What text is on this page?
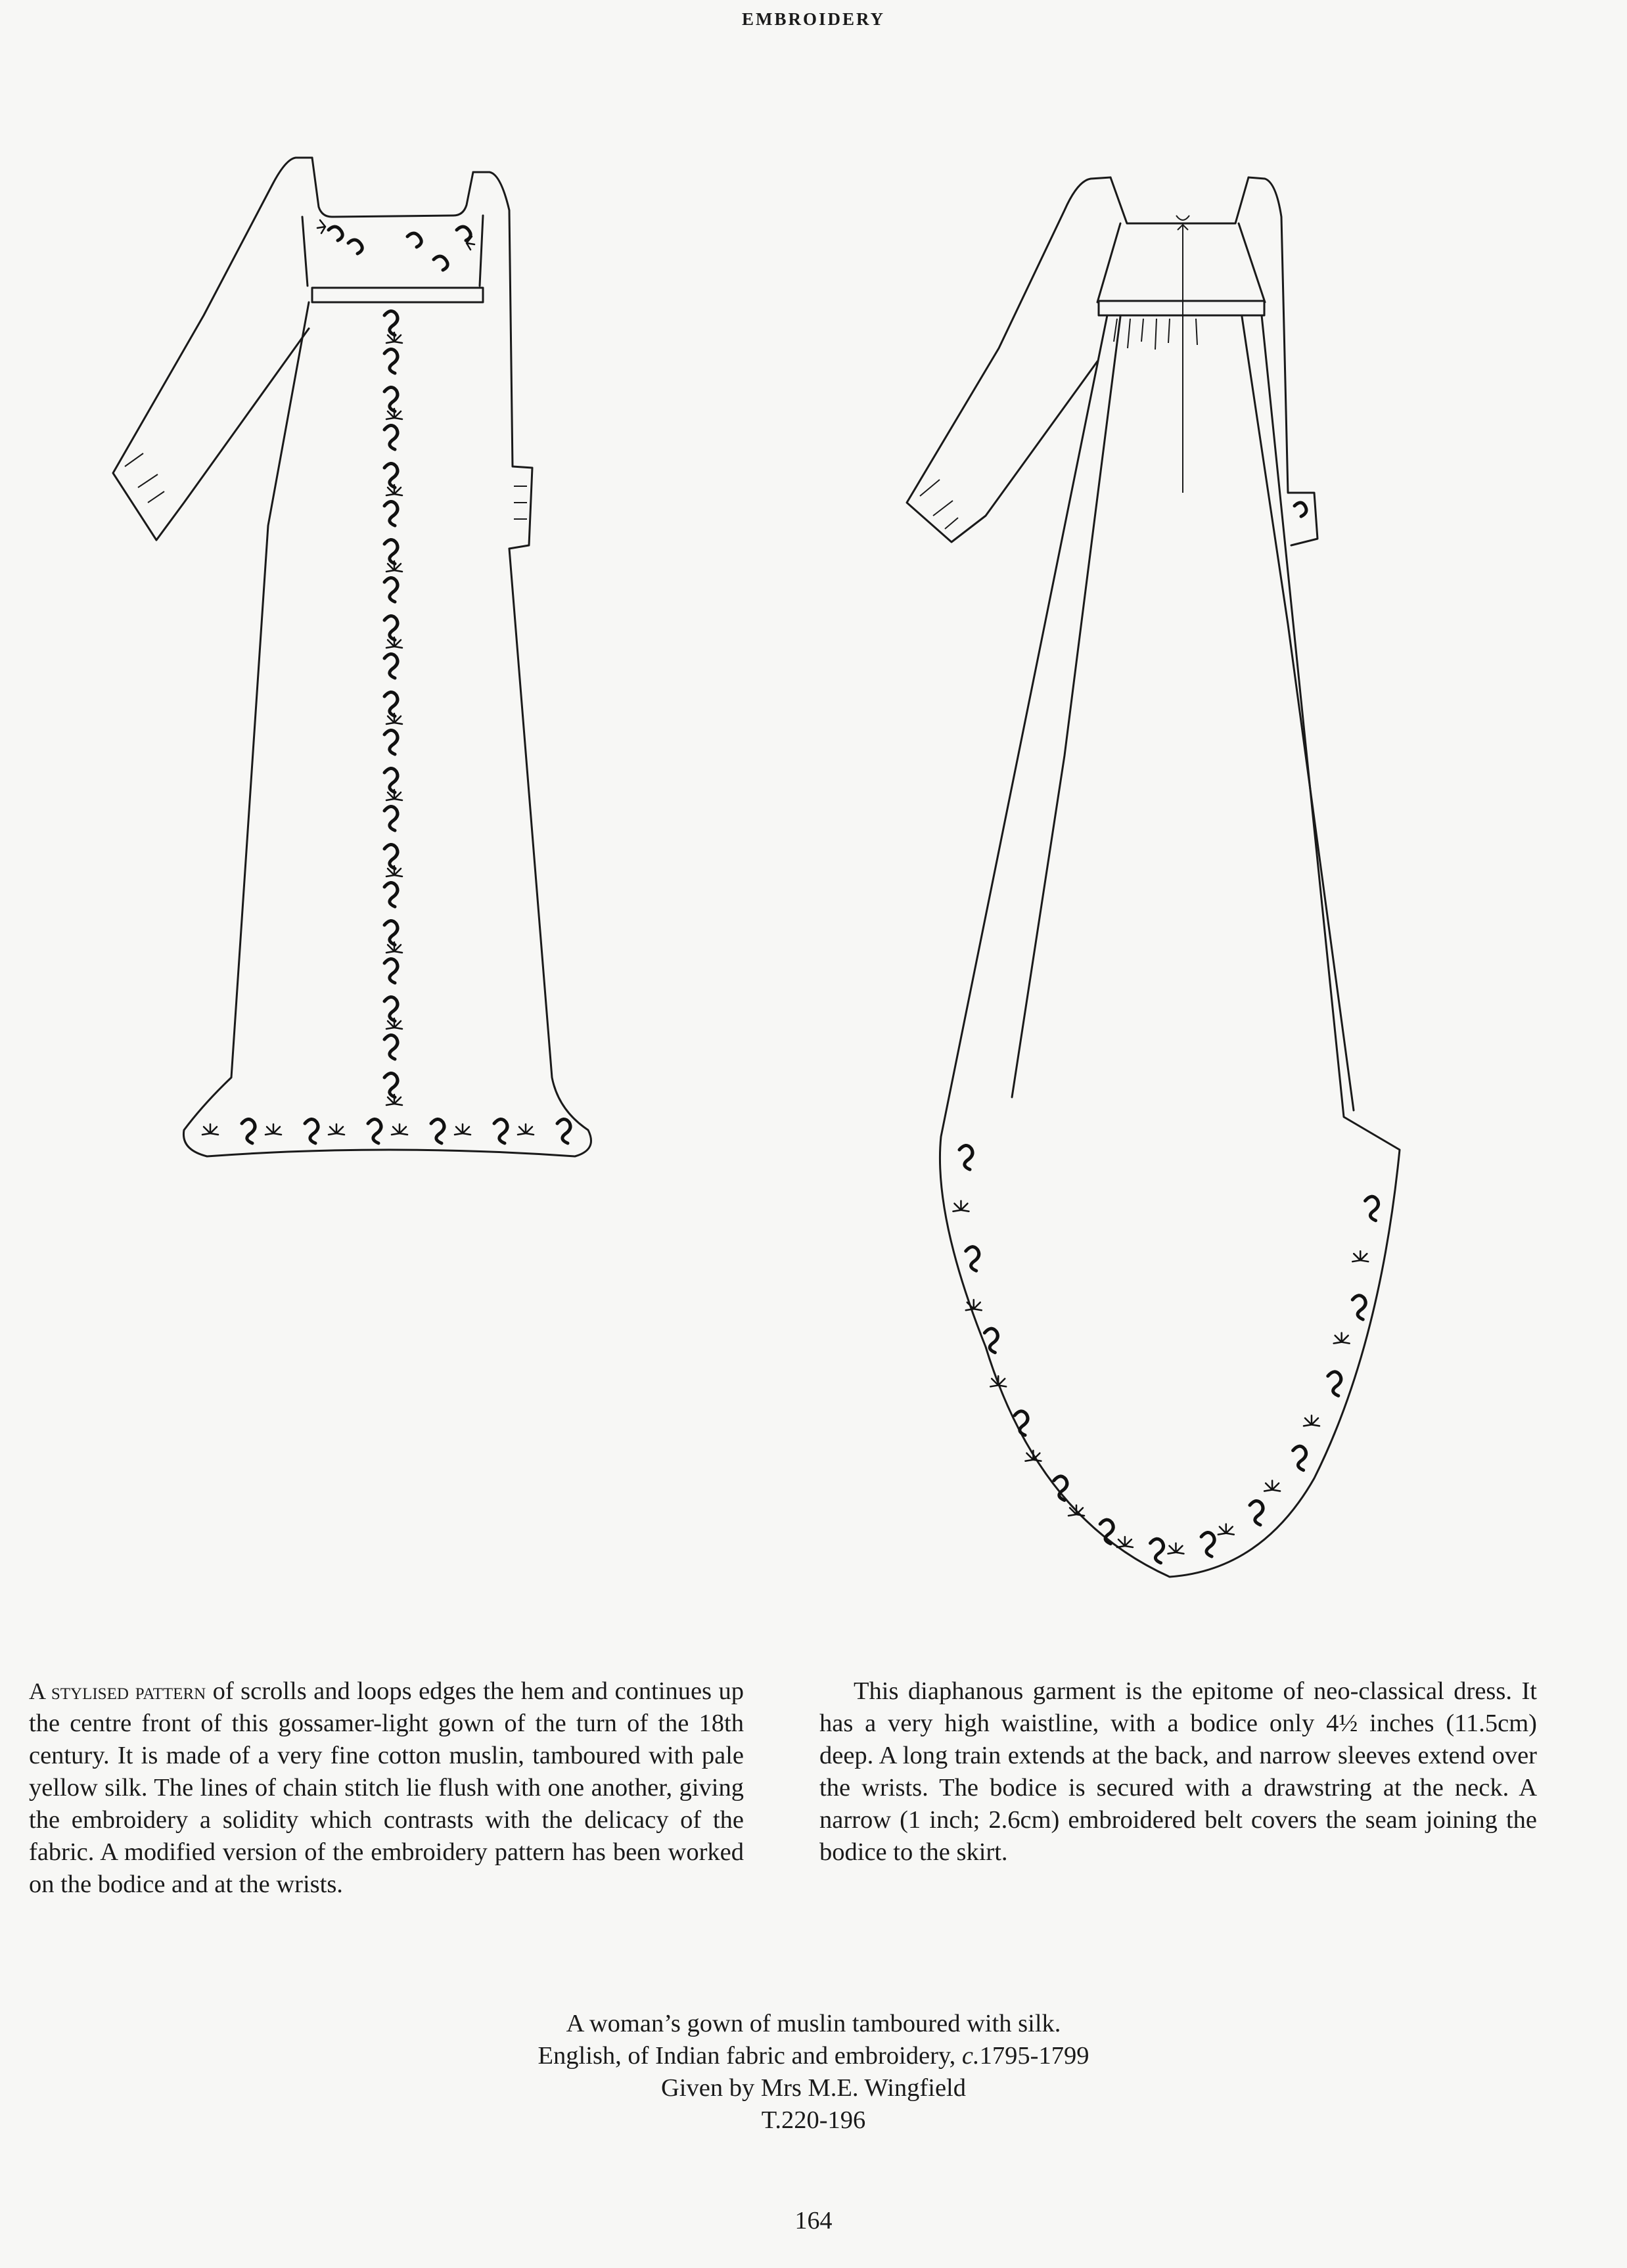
EMBROIDERY
A stylised pattern of scrolls and loops edges the hem and continues up the centre front of this gossamer-light gown of the turn of the 18th century. It is made of a very fine cotton muslin, tamboured with pale yellow silk. The lines of chain stitch lie flush with one another, giving the embroidery a solidity which contrasts with the delicacy of the fabric. A modified version of the embroidery pattern has been worked on the bodice and at the wrists.
This diaphanous garment is the epitome of neo-classical dress. It has a very high waistline, with a bodice only 4½ inches (11.5cm) deep. A long train extends at the back, and narrow sleeves extend over the wrists. The bodice is secured with a drawstring at the neck. A narrow (1 inch; 2.6cm) embroidered belt covers the seam joining the bodice to the skirt.
A woman’s gown of muslin tamboured with silk.
English, of Indian fabric and embroidery, c.1795-1799
Given by Mrs M.E. Wingfield
T.220-196
164
